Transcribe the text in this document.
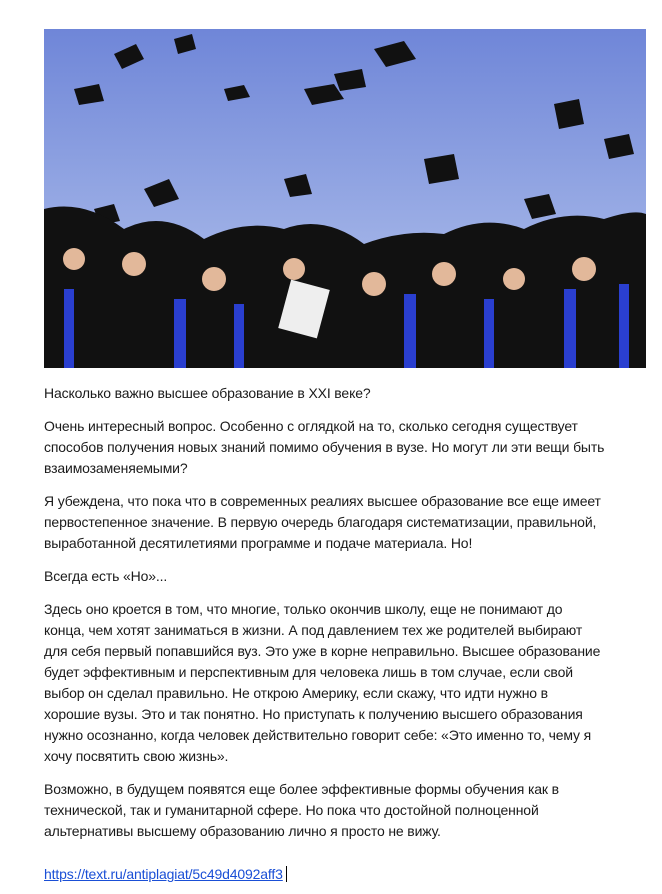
Насколько важно высшее образование в XXI веке?

Очень интересный вопрос. Особенно с оглядкой на то, сколько сегодня существует
способов получения новых знаний помимо обучения в вузе. Но могут ли эти вещи быть
взаимозаменяемыми?

Я убеждена, что пока что в современных реалиях высшее образование все еще имеет
первостепенное значение. В первую очередь благодаря систематизации, правильной,
выработанной десятилетиями программе и подаче материала. Но!

Всегда есть «Но»...

Здесь оно кроется в том, что многие, только окончив школу, еще не понимают до
конца, чем хотят заниматься в жизни. А под давлением тех же родителей выбирают
для себя первый попавшийся вуз. Это уже в корне неправильно. Высшее образование
будет эффективным и перспективным для человека лишь в том случае, если свой
выбор он сделал правильно. Не открою Америку, если скажу, что идти нужно в
хорошие вузы. Это и так понятно. Но приступать к получению высшего образования
нужно осознанно, когда человек действительно говорит себе: «Это именно то, чему я
хочу посвятить свою жизнь».

Возможно, в будущем появятся еще более эффективные формы обучения как в
технической, так и гуманитарной сфере. Но пока что достойной полноценной
альтернативы высшему образованию лично я просто не вижу.

https://text.ru/antiplagiat/5c49d4092aff3
